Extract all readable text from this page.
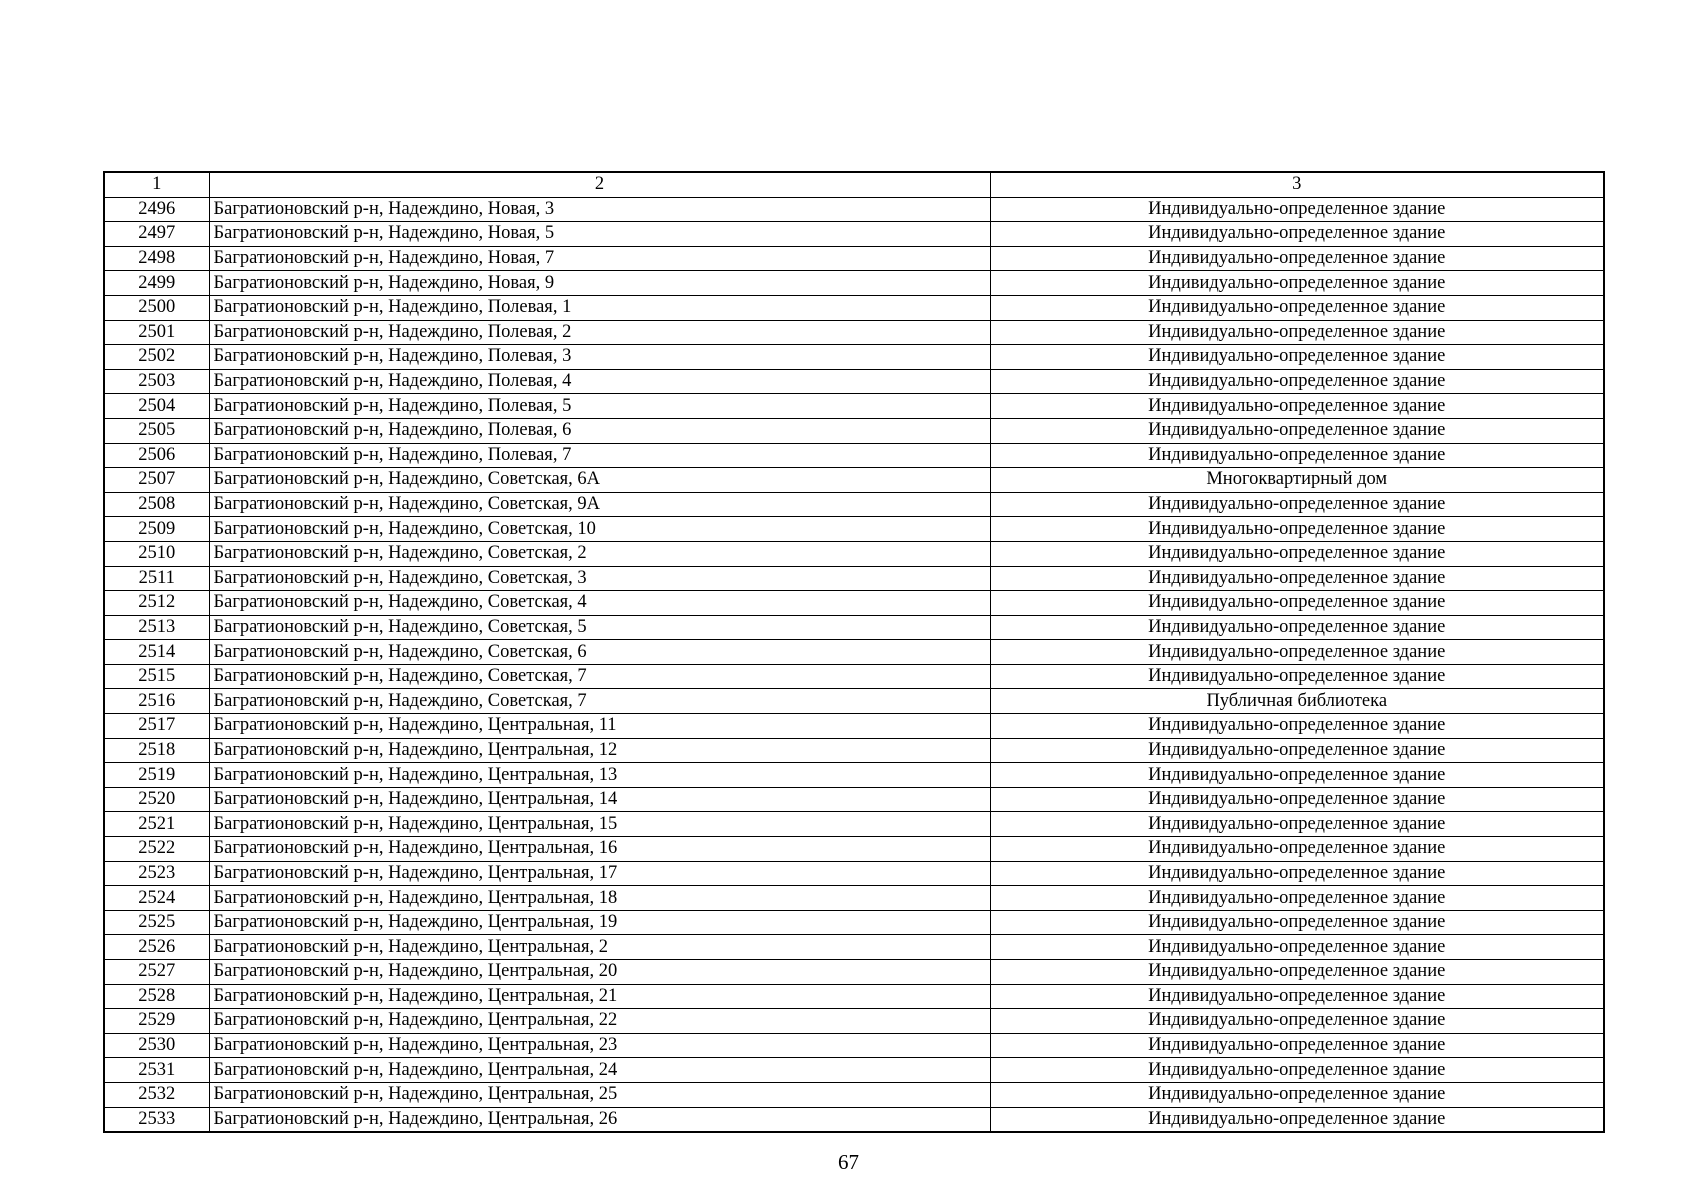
1	2	3
2496	Багратионовский р-н, Надеждино, Новая, 3	Индивидуально-определенное здание
2497	Багратионовский р-н, Надеждино, Новая, 5	Индивидуально-определенное здание
2498	Багратионовский р-н, Надеждино, Новая, 7	Индивидуально-определенное здание
2499	Багратионовский р-н, Надеждино, Новая, 9	Индивидуально-определенное здание
2500	Багратионовский р-н, Надеждино, Полевая, 1	Индивидуально-определенное здание
2501	Багратионовский р-н, Надеждино, Полевая, 2	Индивидуально-определенное здание
2502	Багратионовский р-н, Надеждино, Полевая, 3	Индивидуально-определенное здание
2503	Багратионовский р-н, Надеждино, Полевая, 4	Индивидуально-определенное здание
2504	Багратионовский р-н, Надеждино, Полевая, 5	Индивидуально-определенное здание
2505	Багратионовский р-н, Надеждино, Полевая, 6	Индивидуально-определенное здание
2506	Багратионовский р-н, Надеждино, Полевая, 7	Индивидуально-определенное здание
2507	Багратионовский р-н, Надеждино, Советская, 6А	Многоквартирный дом
2508	Багратионовский р-н, Надеждино, Советская, 9А	Индивидуально-определенное здание
2509	Багратионовский р-н, Надеждино, Советская, 10	Индивидуально-определенное здание
2510	Багратионовский р-н, Надеждино, Советская, 2	Индивидуально-определенное здание
2511	Багратионовский р-н, Надеждино, Советская, 3	Индивидуально-определенное здание
2512	Багратионовский р-н, Надеждино, Советская, 4	Индивидуально-определенное здание
2513	Багратионовский р-н, Надеждино, Советская, 5	Индивидуально-определенное здание
2514	Багратионовский р-н, Надеждино, Советская, 6	Индивидуально-определенное здание
2515	Багратионовский р-н, Надеждино, Советская, 7	Индивидуально-определенное здание
2516	Багратионовский р-н, Надеждино, Советская, 7	Публичная библиотека
2517	Багратионовский р-н, Надеждино, Центральная, 11	Индивидуально-определенное здание
2518	Багратионовский р-н, Надеждино, Центральная, 12	Индивидуально-определенное здание
2519	Багратионовский р-н, Надеждино, Центральная, 13	Индивидуально-определенное здание
2520	Багратионовский р-н, Надеждино, Центральная, 14	Индивидуально-определенное здание
2521	Багратионовский р-н, Надеждино, Центральная, 15	Индивидуально-определенное здание
2522	Багратионовский р-н, Надеждино, Центральная, 16	Индивидуально-определенное здание
2523	Багратионовский р-н, Надеждино, Центральная, 17	Индивидуально-определенное здание
2524	Багратионовский р-н, Надеждино, Центральная, 18	Индивидуально-определенное здание
2525	Багратионовский р-н, Надеждино, Центральная, 19	Индивидуально-определенное здание
2526	Багратионовский р-н, Надеждино, Центральная, 2	Индивидуально-определенное здание
2527	Багратионовский р-н, Надеждино, Центральная, 20	Индивидуально-определенное здание
2528	Багратионовский р-н, Надеждино, Центральная, 21	Индивидуально-определенное здание
2529	Багратионовский р-н, Надеждино, Центральная, 22	Индивидуально-определенное здание
2530	Багратионовский р-н, Надеждино, Центральная, 23	Индивидуально-определенное здание
2531	Багратионовский р-н, Надеждино, Центральная, 24	Индивидуально-определенное здание
2532	Багратионовский р-н, Надеждино, Центральная, 25	Индивидуально-определенное здание
2533	Багратионовский р-н, Надеждино, Центральная, 26	Индивидуально-определенное здание
67
